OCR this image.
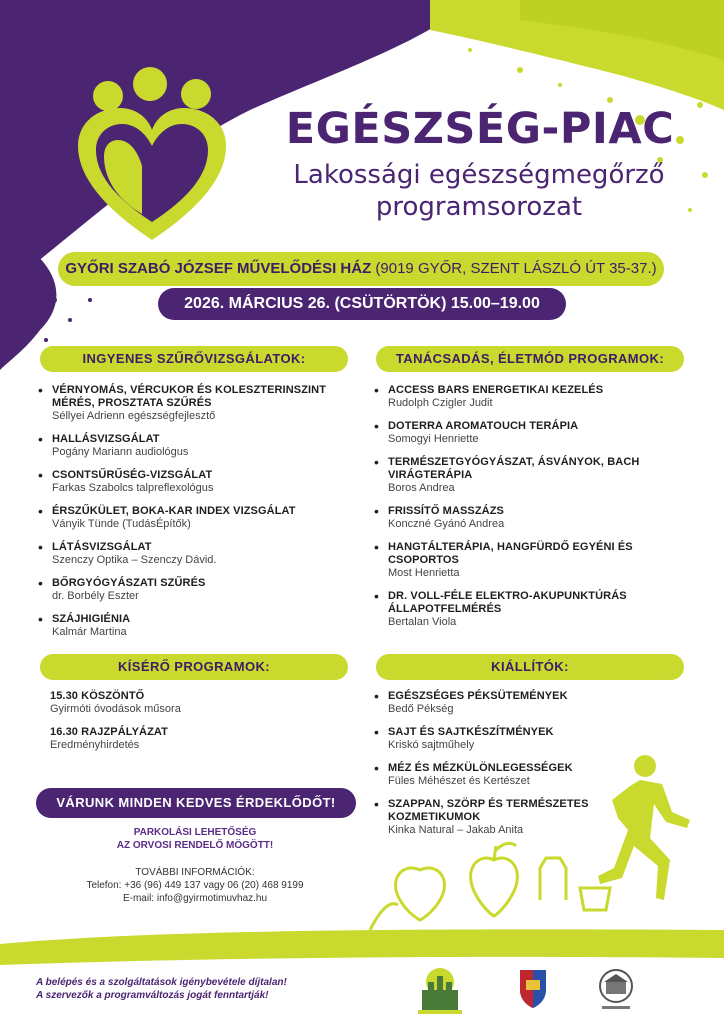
EGÉSZSÉG-PIAC
Lakossági egészségmegőrző
programsorozat
GYŐRI SZABÓ JÓZSEF MŰVELŐDÉSI HÁZ (9019 GYŐR, SZENT LÁSZLÓ ÚT 35-37.)
2026. MÁRCIUS 26. (CSÜTÖRTÖK) 15.00–19.00
INGYENES SZŰRŐVIZSGÁLATOK:
• VÉRNYOMÁS, VÉRCUKOR ÉS KOLESZTERINSZINT MÉRÉS, PROSZTATA SZŰRÉS
Séllyei Adrienn egészségfejlesztő
• HALLÁSVIZSGÁLAT
Pogány Mariann audiológus
• CSONTSŰRŰSÉG-VIZSGÁLAT
Farkas Szabolcs talpreflexológus
• ÉRSZŰKÜLET, BOKA-KAR INDEX VIZSGÁLAT
Ványik Tünde (TudásÉpítők)
• LÁTÁSVIZSGÁLAT
Szenczy Optika – Szenczy Dávid.
• BŐRGYÓGYÁSZATI SZŰRÉS
dr. Borbély Eszter
• SZÁJHIGIÉNIA
Kalmár Martina
TANÁCSADÁS, ÉLETMÓD PROGRAMOK:
• ACCESS BARS ENERGETIKAI KEZELÉS
Rudolph Czigler Judit
• DOTERRA AROMATOUCH TERÁPIA
Somogyi Henriette
• TERMÉSZETGYÓGYÁSZAT, ÁSVÁNYOK, BACH VIRÁGTERÁPIA
Boros Andrea
• FRISSÍTŐ MASSZÁZS
Konczné Gyánó Andrea
• HANGTÁLTERÁPIA, HANGFÜRDŐ EGYÉNI ÉS CSOPORTOS
Most Henrietta
• DR. VOLL-FÉLE ELEKTRO-AKUPUNKTÚRÁS ÁLLAPOTFELMÉRÉS
Bertalan Viola
KÍSÉRŐ PROGRAMOK:
15.30 KÖSZÖNTŐ
Gyirmóti óvodások műsora
16.30 RAJZPÁLYÁZAT
Eredményhirdetés
KIÁLLÍTÓK:
• EGÉSZSÉGES PÉKSÜTEMÉNYEK
Bedő Pékség
• SAJT ÉS SAJTKÉSZÍTMÉNYEK
Kriskó sajtműhely
• MÉZ ÉS MÉZKÜLÖNLEGESSÉGEK
Füles Méhészet és Kertészet
• SZAPPAN, SZÖRP ÉS TERMÉSZETES KOZMETIKUMOK
Kinka Natural – Jakab Anita
VÁRUNK MINDEN KEDVES ÉRDEKLŐDŐT!
PARKOLÁSI LEHETŐSÉG
AZ ORVOSI RENDELŐ MÖGÖTT!
TOVÁBBI INFORMÁCIÓK:
Telefon: +36 (96) 449 137 vagy 06 (20) 468 9199
E-mail: info@gyirmotimuvhaz.hu
A belépés és a szolgáltatások igénybevétele díjtalan!
A szervezők a programváltozás jogát fenntartják!
